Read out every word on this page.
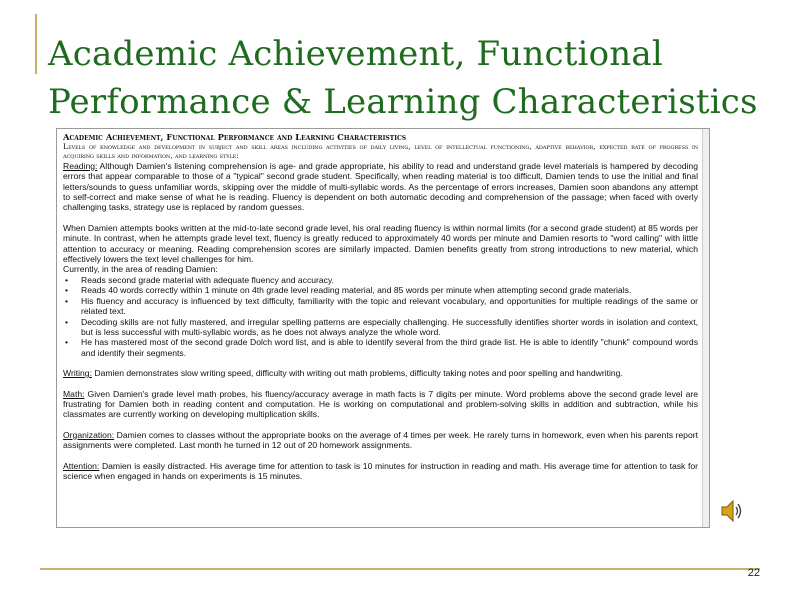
Academic Achievement, Functional
Performance & Learning Characteristics
Academic Achievement, Functional Performance and Learning Characteristics
Levels of knowledge and development in subject and skill areas including activities of daily living, level of intellectual functioning, adaptive behavior, expected rate of progress in acquiring skills and information, and learning style:

Reading: Although Damien's listening comprehension is age- and grade appropriate, his ability to read and understand grade level materials is hampered by decoding errors that appear comparable to those of a "typical" second grade student. Specifically, when reading material is too difficult, Damien tends to use the initial and final letters/sounds to guess unfamiliar words, skipping over the middle of multi-syllabic words. As the percentage of errors increases, Damien soon abandons any attempt to self-correct and make sense of what he is reading. Fluency is dependent on both automatic decoding and comprehension of the passage; when faced with overly challenging tasks, strategy use is replaced by random guesses.

When Damien attempts books written at the mid-to-late second grade level, his oral reading fluency is within normal limits (for a second grade student) at 85 words per minute. In contrast, when he attempts grade level text, fluency is greatly reduced to approximately 40 words per minute and Damien resorts to "word calling" with little attention to accuracy or meaning. Reading comprehension scores are similarly impacted. Damien benefits greatly from strong introductions to new material, which effectively lowers the text level challenges for him.

Currently, in the area of reading Damien:

• Reads second grade material with adequate fluency and accuracy.
• Reads 40 words correctly within 1 minute on 4th grade level reading material, and 85 words per minute when attempting second grade materials.
• His fluency and accuracy is influenced by text difficulty, familiarity with the topic and relevant vocabulary, and opportunities for multiple readings of the same or related text.
• Decoding skills are not fully mastered, and irregular spelling patterns are especially challenging. He successfully identifies shorter words in isolation and context, but is less successful with multi-syllabic words, as he does not always analyze the whole word.
• He has mastered most of the second grade Dolch word list, and is able to identify several from the third grade list. He is able to identify "chunk" compound words and identify their segments.

Writing: Damien demonstrates slow writing speed, difficulty with writing out math problems, difficulty taking notes and poor spelling and handwriting.

Math: Given Damien's grade level math probes, his fluency/accuracy average in math facts is 7 digits per minute. Word problems above the second grade level are frustrating for Damien both in reading content and computation. He is working on computational and problem-solving skills in addition and subtraction, while his classmates are currently working on developing multiplication skills.

Organization: Damien comes to classes without the appropriate books on the average of 4 times per week. He rarely turns in homework, even when his parents report assignments were completed. Last month he turned in 12 out of 20 homework assignments.

Attention: Damien is easily distracted. His average time for attention to task is 10 minutes for instruction in reading and math. His average time for attention to task for science when engaged in hands on experiments is 15 minutes.

22
